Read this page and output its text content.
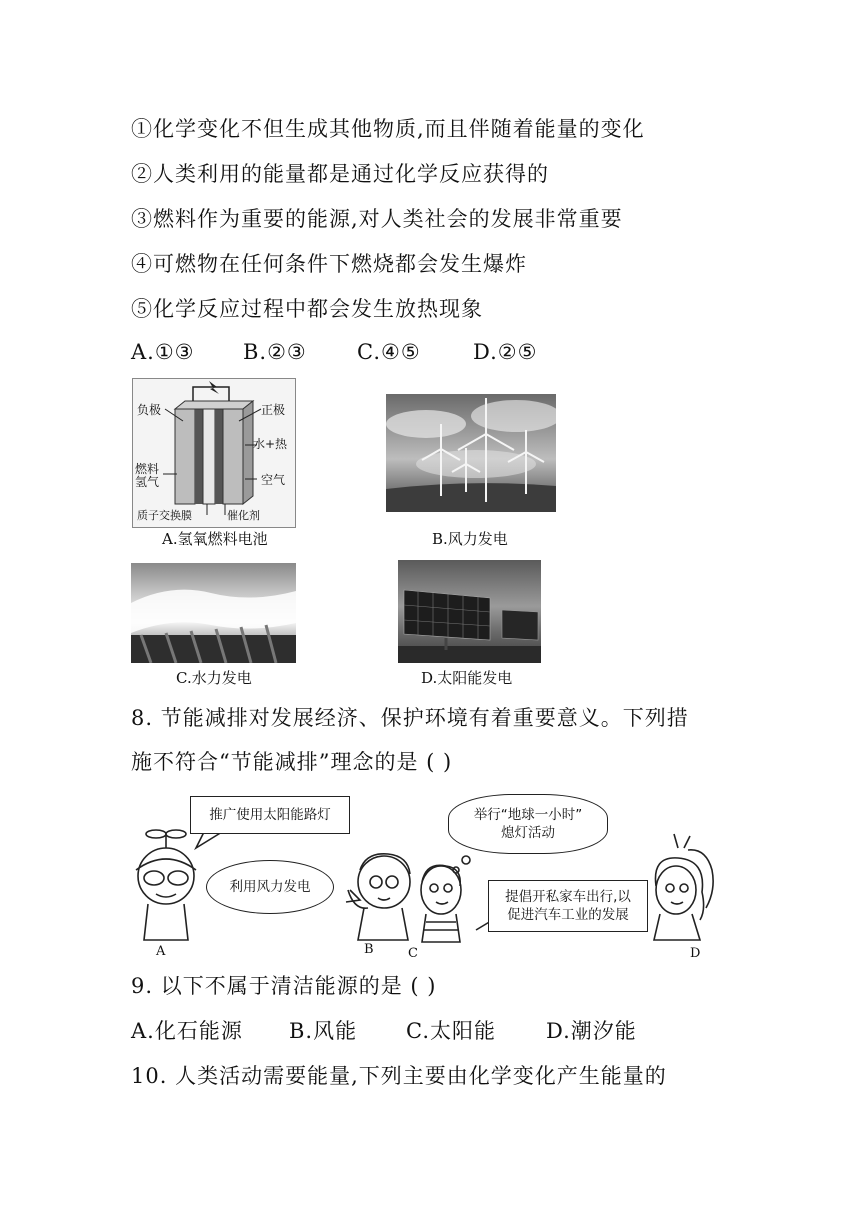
①化学变化不但生成其他物质,而且伴随着能量的变化
②人类利用的能量都是通过化学反应获得的
③燃料作为重要的能源,对人类社会的发展非常重要
④可燃物在任何条件下燃烧都会发生爆炸
⑤化学反应过程中都会发生放热现象
A.①③ B.②③ C.④⑤ D.②⑤
负极	正极
水+热
燃料
氢气	空气
质子交换膜	催化剂
A.氢氧燃料电池	B.风力发电
C.水力发电	D.太阳能发电
8. 节能减排对发展经济、保护环境有着重要意义。下列措
施不符合“节能减排”理念的是 ( )
推广使用太阳能路灯
利用风力发电
举行“地球一小时”
熄灯活动
提倡开私家车出行,以
促进汽车工业的发展
A	B	C	D
9. 以下不属于清洁能源的是 ( )
A.化石能源 B.风能 C.太阳能 D.潮汐能
10. 人类活动需要能量,下列主要由化学变化产生能量的
